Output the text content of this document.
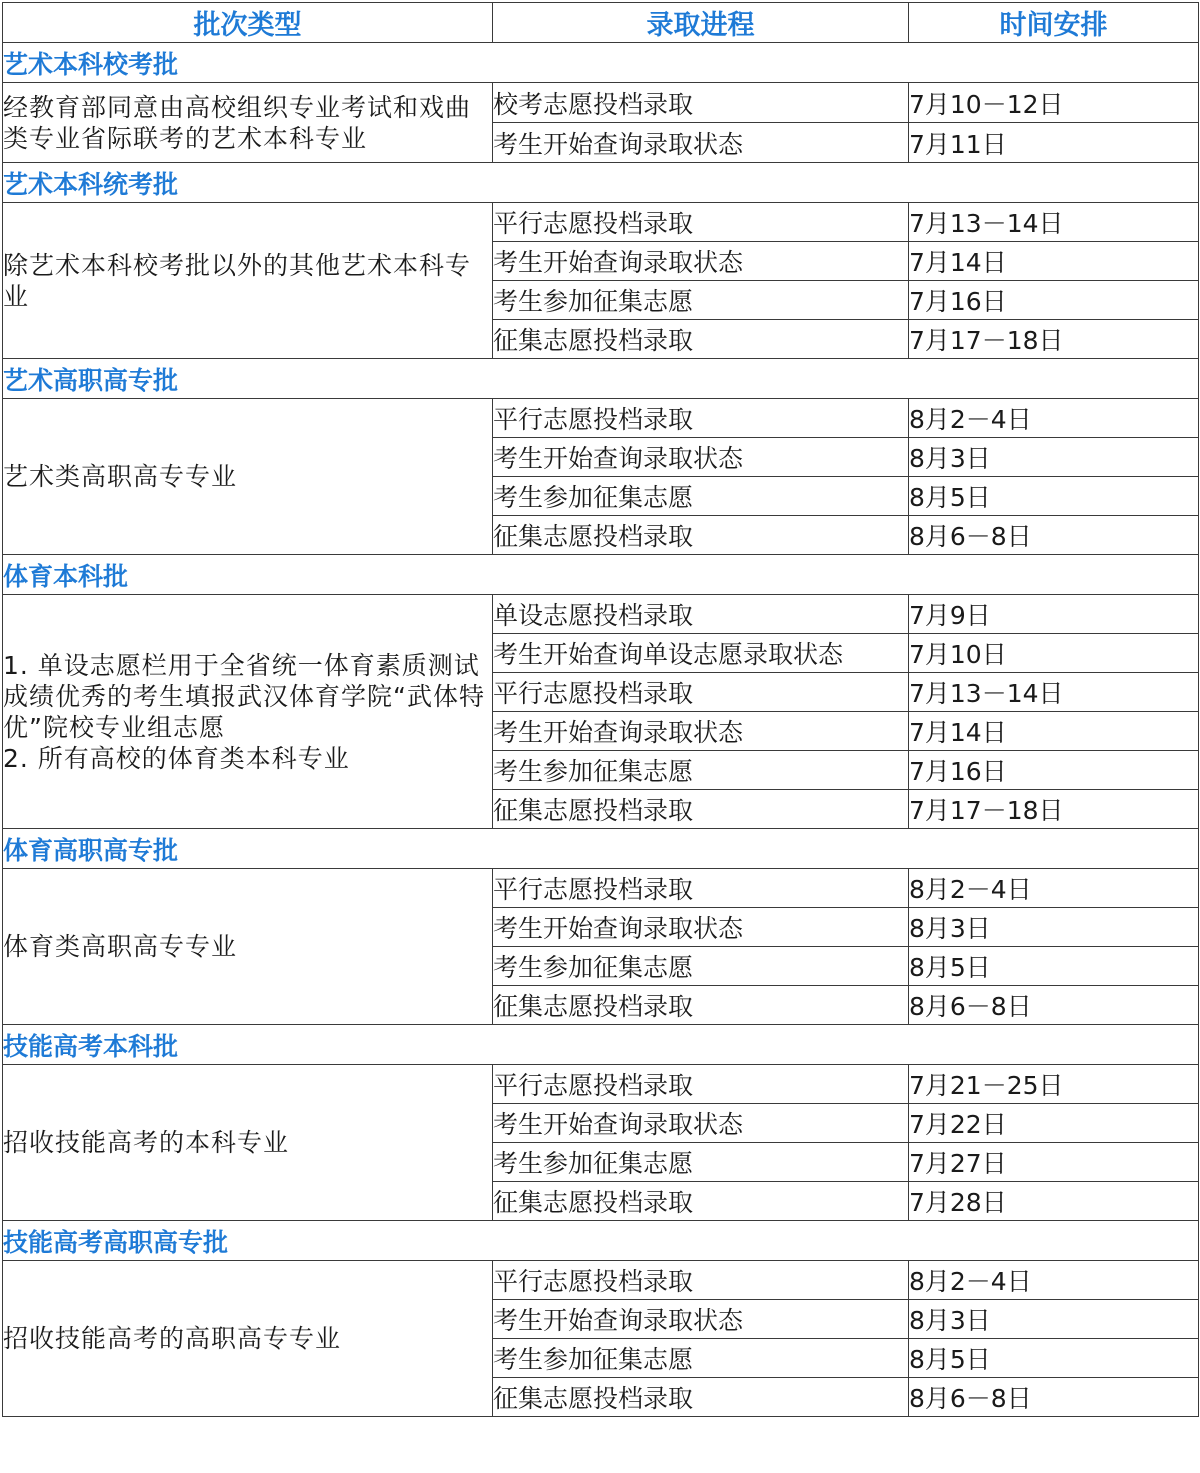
批次类型	录取进程	时间安排
艺术本科校考批		
经教育部同意由高校组织专业考试和戏曲类专业省际联考的艺术本科专业	校考志愿投档录取	7月10－12日
	考生开始查询录取状态	7月11日
艺术本科统考批		
除艺术本科校考批以外的其他艺术本科专业	平行志愿投档录取	7月13－14日
	考生开始查询录取状态	7月14日
	考生参加征集志愿	7月16日
	征集志愿投档录取	7月17－18日
艺术高职高专批		
艺术类高职高专专业	平行志愿投档录取	8月2－4日
	考生开始查询录取状态	8月3日
	考生参加征集志愿	8月5日
	征集志愿投档录取	8月6－8日
体育本科批		

1. 单设志愿栏用于全省统一体育素质测试成绩优秀的考生填报武汉体育学院“武体特优”院校专业组志愿
2. 所有高校的体育类本科专业	单设志愿投档录取	7月9日
	考生开始查询单设志愿录取状态	7月10日
	平行志愿投档录取	7月13－14日
	考生开始查询录取状态	7月14日
	考生参加征集志愿	7月16日
	征集志愿投档录取	7月17－18日
体育高职高专批		
体育类高职高专专业	平行志愿投档录取	8月2－4日
	考生开始查询录取状态	8月3日
	考生参加征集志愿	8月5日
	征集志愿投档录取	8月6－8日
技能高考本科批		
招收技能高考的本科专业	平行志愿投档录取	7月21－25日
	考生开始查询录取状态	7月22日
	考生参加征集志愿	7月27日
	征集志愿投档录取	7月28日
技能高考高职高专批		
招收技能高考的高职高专专业	平行志愿投档录取	8月2－4日
	考生开始查询录取状态	8月3日
	考生参加征集志愿	8月5日
	征集志愿投档录取	8月6－8日
